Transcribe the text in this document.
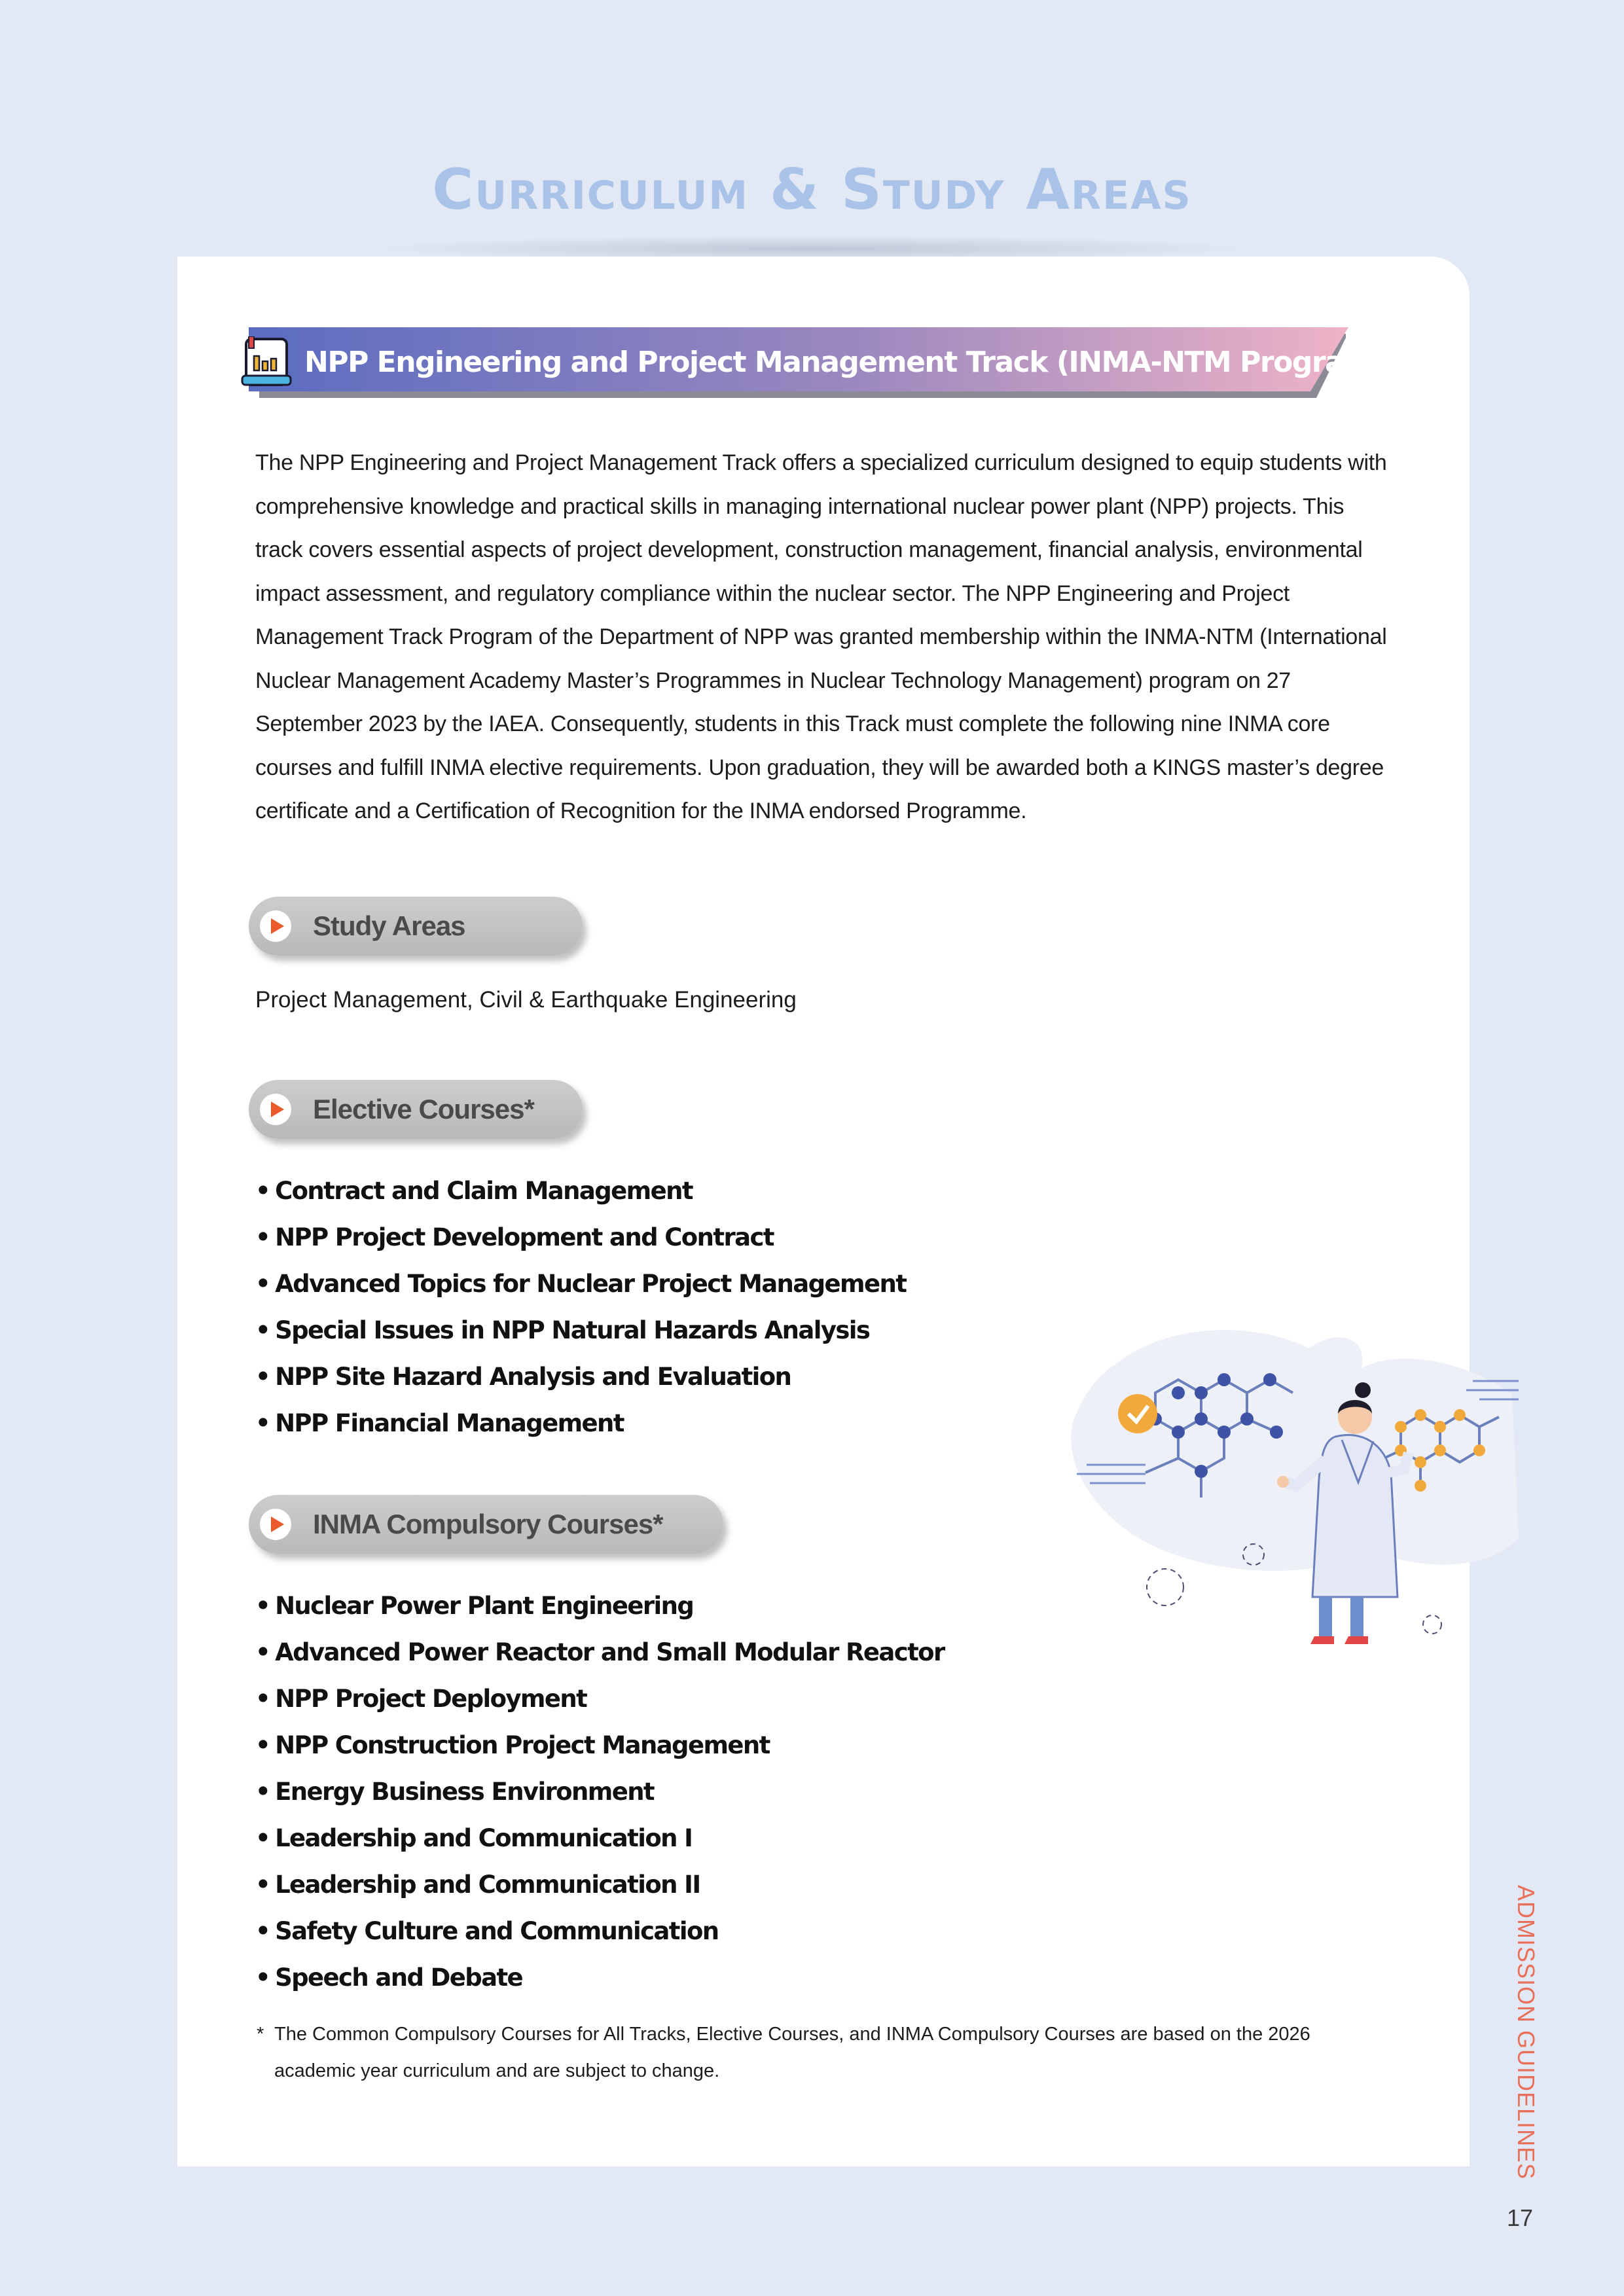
Curriculum & Study Areas
NPP Engineering and Project Management Track (INMA-NTM Program)

The NPP Engineering and Project Management Track offers a specialized curriculum designed to equip students with comprehensive knowledge and practical skills in managing international nuclear power plant (NPP) projects. This track covers essential aspects of project development, construction management, financial analysis, environmental impact assessment, and regulatory compliance within the nuclear sector. The NPP Engineering and Project Management Track Program of the Department of NPP was granted membership within the INMA-NTM (International Nuclear Management Academy Master’s Programmes in Nuclear Technology Management) program on 27 September 2023 by the IAEA. Consequently, students in this Track must complete the following nine INMA core courses and fulfill INMA elective requirements. Upon graduation, they will be awarded both a KINGS master’s degree certificate and a Certification of Recognition for the INMA endorsed Programme.

Study Areas
Project Management, Civil & Earthquake Engineering
Elective Courses*
• Contract and Claim Management
• NPP Project Development and Contract
• Advanced Topics for Nuclear Project Management
• Special Issues in NPP Natural Hazards Analysis
• NPP Site Hazard Analysis and Evaluation
• NPP Financial Management
INMA Compulsory Courses*
• Nuclear Power Plant Engineering
• Advanced Power Reactor and Small Modular Reactor
• NPP Project Deployment
• NPP Construction Project Management
• Energy Business Environment
• Leadership and Communication I
• Leadership and Communication II
• Safety Culture and Communication
• Speech and Debate
* The Common Compulsory Courses for All Tracks, Elective Courses, and INMA Compulsory Courses are based on the 2026 academic year curriculum and are subject to change.	ADMISSION GUIDELINES
17
